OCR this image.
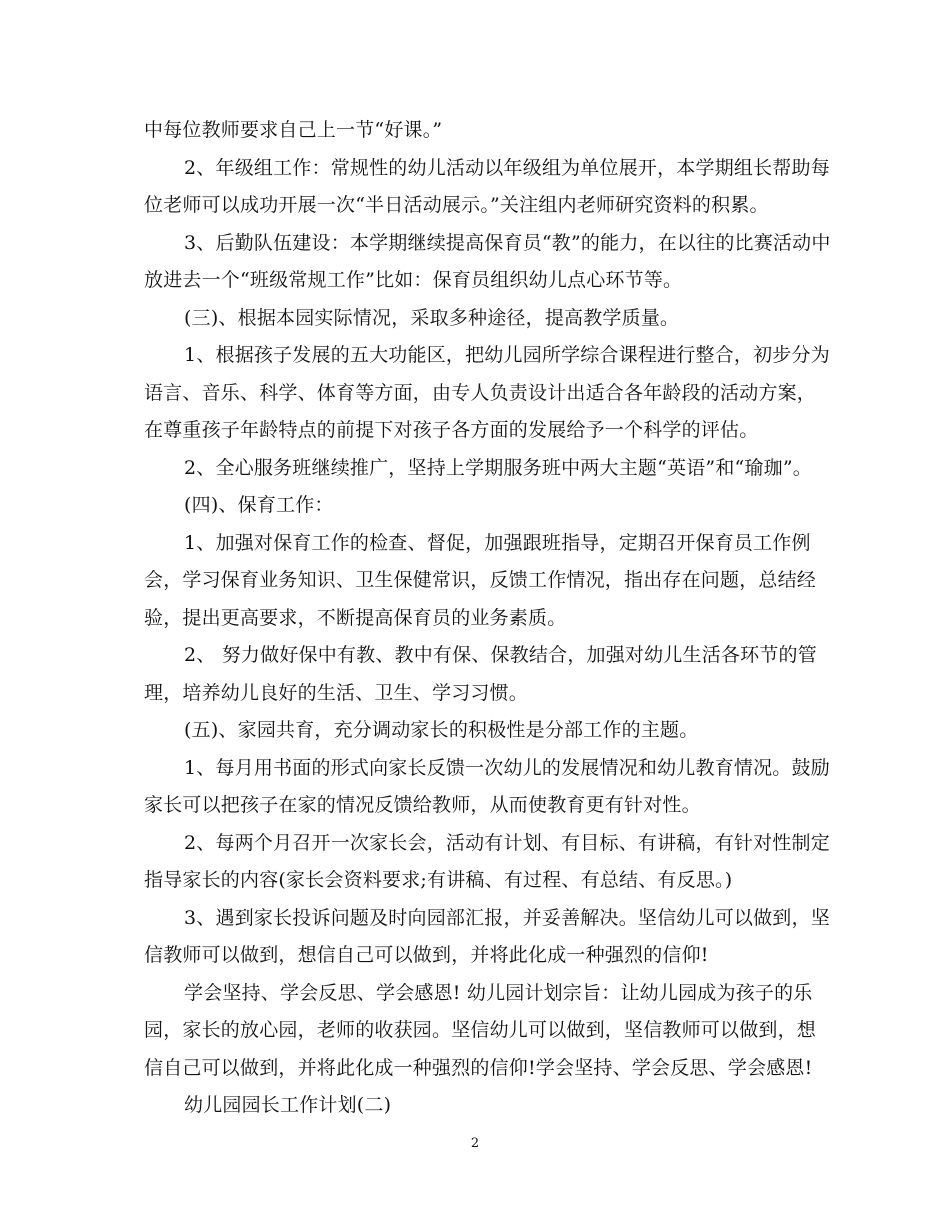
中每位教师要求自己上一节“好课。”
2、年级组工作：常规性的幼儿活动以年级组为单位展开，本学期组长帮助每
位老师可以成功开展一次“半日活动展示。”关注组内老师研究资料的积累。
3、后勤队伍建设：本学期继续提高保育员“教”的能力，在以往的比赛活动中
放进去一个“班级常规工作”比如：保育员组织幼儿点心环节等。
(三)、根据本园实际情况，采取多种途径，提高教学质量。
1、根据孩子发展的五大功能区，把幼儿园所学综合课程进行整合，初步分为
语言、音乐、科学、体育等方面，由专人负责设计出适合各年龄段的活动方案，
在尊重孩子年龄特点的前提下对孩子各方面的发展给予一个科学的评估。
2、全心服务班继续推广，坚持上学期服务班中两大主题“英语”和“瑜珈”。
(四)、保育工作：
1、加强对保育工作的检查、督促，加强跟班指导，定期召开保育员工作例
会，学习保育业务知识、卫生保健常识，反馈工作情况，指出存在问题，总结经
验，提出更高要求，不断提高保育员的业务素质。
2、 努力做好保中有教、教中有保、保教结合，加强对幼儿生活各环节的管
理，培养幼儿良好的生活、卫生、学习习惯。
(五)、家园共育，充分调动家长的积极性是分部工作的主题。
1、每月用书面的形式向家长反馈一次幼儿的发展情况和幼儿教育情况。鼓励
家长可以把孩子在家的情况反馈给教师，从而使教育更有针对性。
2、每两个月召开一次家长会，活动有计划、有目标、有讲稿，有针对性制定
指导家长的内容(家长会资料要求;有讲稿、有过程、有总结、有反思。)
3、遇到家长投诉问题及时向园部汇报，并妥善解决。坚信幼儿可以做到，坚
信教师可以做到，想信自己可以做到，并将此化成一种强烈的信仰!
学会坚持、学会反思、学会感恩! 幼儿园计划宗旨：让幼儿园成为孩子的乐
园，家长的放心园，老师的收获园。坚信幼儿可以做到，坚信教师可以做到，想
信自己可以做到，并将此化成一种强烈的信仰!学会坚持、学会反思、学会感恩!
幼儿园园长工作计划(二)
2
